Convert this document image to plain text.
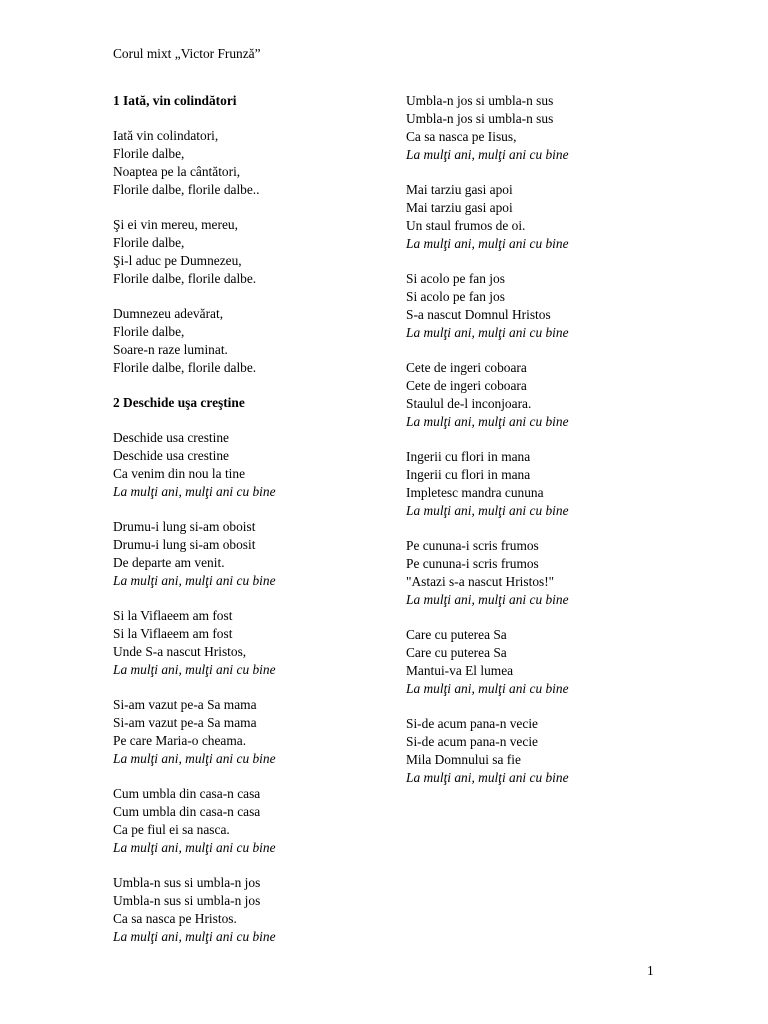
Corul mixt „Victor Frunză”
1 Iată, vin colindători
Iată vin colindatori,
Florile dalbe,
Noaptea pe la cântători,
Florile dalbe, florile dalbe..
Şi ei vin mereu, mereu,
Florile dalbe,
Şi-l aduc pe Dumnezeu,
Florile dalbe, florile dalbe.
Dumnezeu adevărat,
Florile dalbe,
Soare-n raze luminat.
Florile dalbe, florile dalbe.
2 Deschide uşa creştine
Deschide usa crestine
Deschide usa crestine
Ca venim din nou la tine
La mulţi ani, mulţi ani cu bine
Drumu-i lung si-am oboist
Drumu-i lung si-am obosit
De departe am venit.
La mulţi ani, mulţi ani cu bine
Si la Viflaeem am fost
Si la Viflaeem am fost
Unde S-a nascut Hristos,
La mulţi ani, mulţi ani cu bine
Si-am vazut pe-a Sa mama
Si-am vazut pe-a Sa mama
Pe care Maria-o cheama.
La mulţi ani, mulţi ani cu bine
Cum umbla din casa-n casa
Cum umbla din casa-n casa
Ca pe fiul ei sa nasca.
La mulţi ani, mulţi ani cu bine
Umbla-n sus si umbla-n jos
Umbla-n sus si umbla-n jos
Ca sa nasca pe Hristos.
La mulţi ani, mulţi ani cu bine
Umbla-n jos si umbla-n sus
Umbla-n jos si umbla-n sus
Ca sa nasca pe Iisus,
La mulţi ani, mulţi ani cu bine
Mai tarziu gasi apoi
Mai tarziu gasi apoi
Un staul frumos de oi.
La mulţi ani, mulţi ani cu bine
Si acolo pe fan jos
Si acolo pe fan jos
S-a nascut Domnul Hristos
La mulţi ani, mulţi ani cu bine
Cete de ingeri coboara
Cete de ingeri coboara
Staulul de-l inconjoara.
La mulţi ani, mulţi ani cu bine
Ingerii cu flori in mana
Ingerii cu flori in mana
Impletesc mandra cununa
La mulţi ani, mulţi ani cu bine
Pe cununa-i scris frumos
Pe cununa-i scris frumos
"Astazi s-a nascut Hristos!"
La mulţi ani, mulţi ani cu bine
Care cu puterea Sa
Care cu puterea Sa
Mantui-va El lumea
La mulţi ani, mulţi ani cu bine
Si-de acum pana-n vecie
Si-de acum pana-n vecie
Mila Domnului sa fie
La mulţi ani, mulţi ani cu bine
1
